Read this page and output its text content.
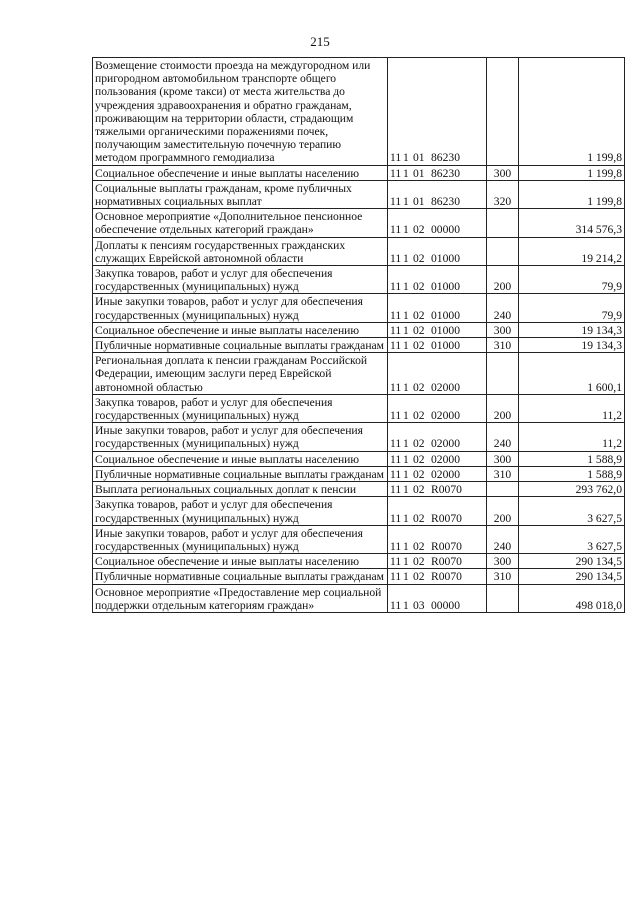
215
Возмещение стоимости проезда на междугородном или пригородном автомобильном транспорте общего пользования (кроме такси) от места жительства до учреждения здравоохранения и обратно гражданам, проживающим на территории области, страдающим тяжелыми органическими поражениями почек, получающим заместительную почечную терапию методом программного гемодиализа	11 1 01 86230		1 199,8
Социальное обеспечение и иные выплаты населению	11 1 01 86230	300	1 199,8
Социальные выплаты гражданам, кроме публичных нормативных социальных выплат	11 1 01 86230	320	1 199,8
Основное мероприятие «Дополнительное пенсионное обеспечение отдельных категорий граждан»	11 1 02 00000		314 576,3
Доплаты к пенсиям государственных гражданских служащих Еврейской автономной области	11 1 02 01000		19 214,2
Закупка товаров, работ и услуг для обеспечения государственных (муниципальных) нужд	11 1 02 01000	200	79,9
Иные закупки товаров, работ и услуг для обеспечения государственных (муниципальных) нужд	11 1 02 01000	240	79,9
Социальное обеспечение и иные выплаты населению	11 1 02 01000	300	19 134,3
Публичные нормативные социальные выплаты гражданам	11 1 02 01000	310	19 134,3
Региональная доплата к пенсии гражданам Российской Федерации, имеющим заслуги перед Еврейской автономной областью	11 1 02 02000		1 600,1
Закупка товаров, работ и услуг для обеспечения государственных (муниципальных) нужд	11 1 02 02000	200	11,2
Иные закупки товаров, работ и услуг для обеспечения государственных (муниципальных) нужд	11 1 02 02000	240	11,2
Социальное обеспечение и иные выплаты населению	11 1 02 02000	300	1 588,9
Публичные нормативные социальные выплаты гражданам	11 1 02 02000	310	1 588,9
Выплата региональных социальных доплат к пенсии	11 1 02 R0070		293 762,0
Закупка товаров, работ и услуг для обеспечения государственных (муниципальных) нужд	11 1 02 R0070	200	3 627,5
Иные закупки товаров, работ и услуг для обеспечения государственных (муниципальных) нужд	11 1 02 R0070	240	3 627,5
Социальное обеспечение и иные выплаты населению	11 1 02 R0070	300	290 134,5
Публичные нормативные социальные выплаты гражданам	11 1 02 R0070	310	290 134,5
Основное мероприятие «Предоставление мер социальной поддержки отдельным категориям граждан»	11 1 03 00000		498 018,0
